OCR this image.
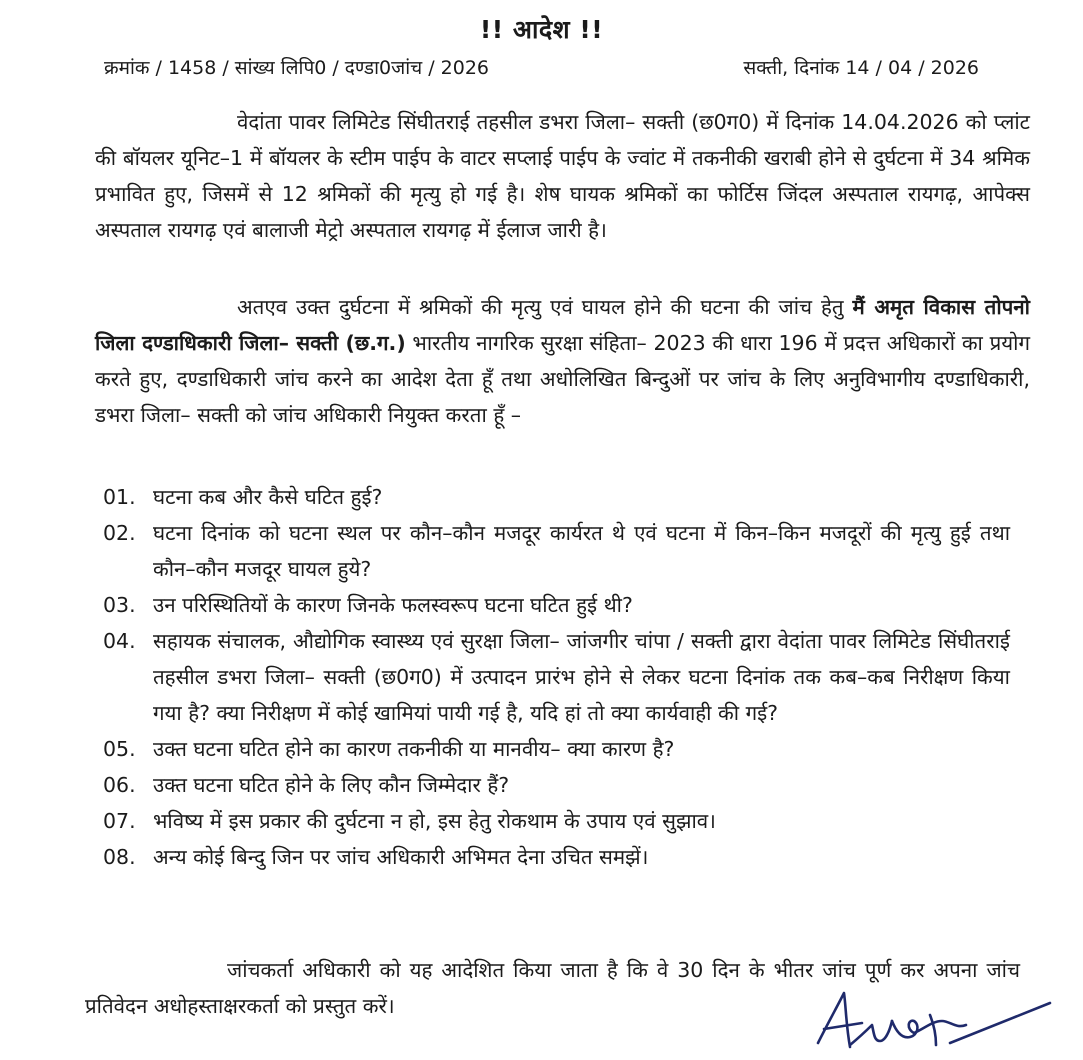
!! आदेश !!
क्रमांक / 1458 / सांख्य लिपि0 / दण्डा0जांच / 2026	सक्ती, दिनांक 14 / 04 / 2026
वेदांता पावर लिमिटेड सिंघीतराई तहसील डभरा जिला– सक्ती (छ0ग0) में दिनांक 14.04.2026 को प्लांट की बॉयलर यूनिट–1 में बॉयलर के स्टीम पाईप के वाटर सप्लाई पाईप के ज्वांट में तकनीकी खराबी होने से दुर्घटना में 34 श्रमिक प्रभावित हुए, जिसमें से 12 श्रमिकों की मृत्यु हो गई है। शेष घायक श्रमिकों का फोर्टिस जिंदल अस्पताल रायगढ़, आपेक्स अस्पताल रायगढ़ एवं बालाजी मेट्रो अस्पताल रायगढ़ में ईलाज जारी है।
अतएव उक्त दुर्घटना में श्रमिकों की मृत्यु एवं घायल होने की घटना की जांच हेतु मैं अमृत विकास तोपनो जिला दण्डाधिकारी जिला– सक्ती (छ.ग.) भारतीय नागरिक सुरक्षा संहिता– 2023 की धारा 196 में प्रदत्त अधिकारों का प्रयोग करते हुए, दण्डाधिकारी जांच करने का आदेश देता हूँ तथा अधोलिखित बिन्दुओं पर जांच के लिए अनुविभागीय दण्डाधिकारी, डभरा जिला– सक्ती को जांच अधिकारी नियुक्त करता हूँ –
01. घटना कब और कैसे घटित हुई?
02. घटना दिनांक को घटना स्थल पर कौन–कौन मजदूर कार्यरत थे एवं घटना में किन–किन मजदूरों की मृत्यु हुई तथा कौन–कौन मजदूर घायल हुये?
03. उन परिस्थितियों के कारण जिनके फलस्वरूप घटना घटित हुई थी?
04. सहायक संचालक, औद्योगिक स्वास्थ्य एवं सुरक्षा जिला– जांजगीर चांपा / सक्ती द्वारा वेदांता पावर लिमिटेड सिंघीतराई तहसील डभरा जिला– सक्ती (छ0ग0) में उत्पादन प्रारंभ होने से लेकर घटना दिनांक तक कब–कब निरीक्षण किया गया है? क्या निरीक्षण में कोई खामियां पायी गई है, यदि हां तो क्या कार्यवाही की गई?
05. उक्त घटना घटित होने का कारण तकनीकी या मानवीय– क्या कारण है?
06. उक्त घटना घटित होने के लिए कौन जिम्मेदार हैं?
07. भविष्य में इस प्रकार की दुर्घटना न हो, इस हेतु रोकथाम के उपाय एवं सुझाव।
08. अन्य कोई बिन्दु जिन पर जांच अधिकारी अभिमत देना उचित समझें।
जांचकर्ता अधिकारी को यह आदेशित किया जाता है कि वे 30 दिन के भीतर जांच पूर्ण कर अपना जांच प्रतिवेदन अधोहस्ताक्षरकर्ता को प्रस्तुत करें।
